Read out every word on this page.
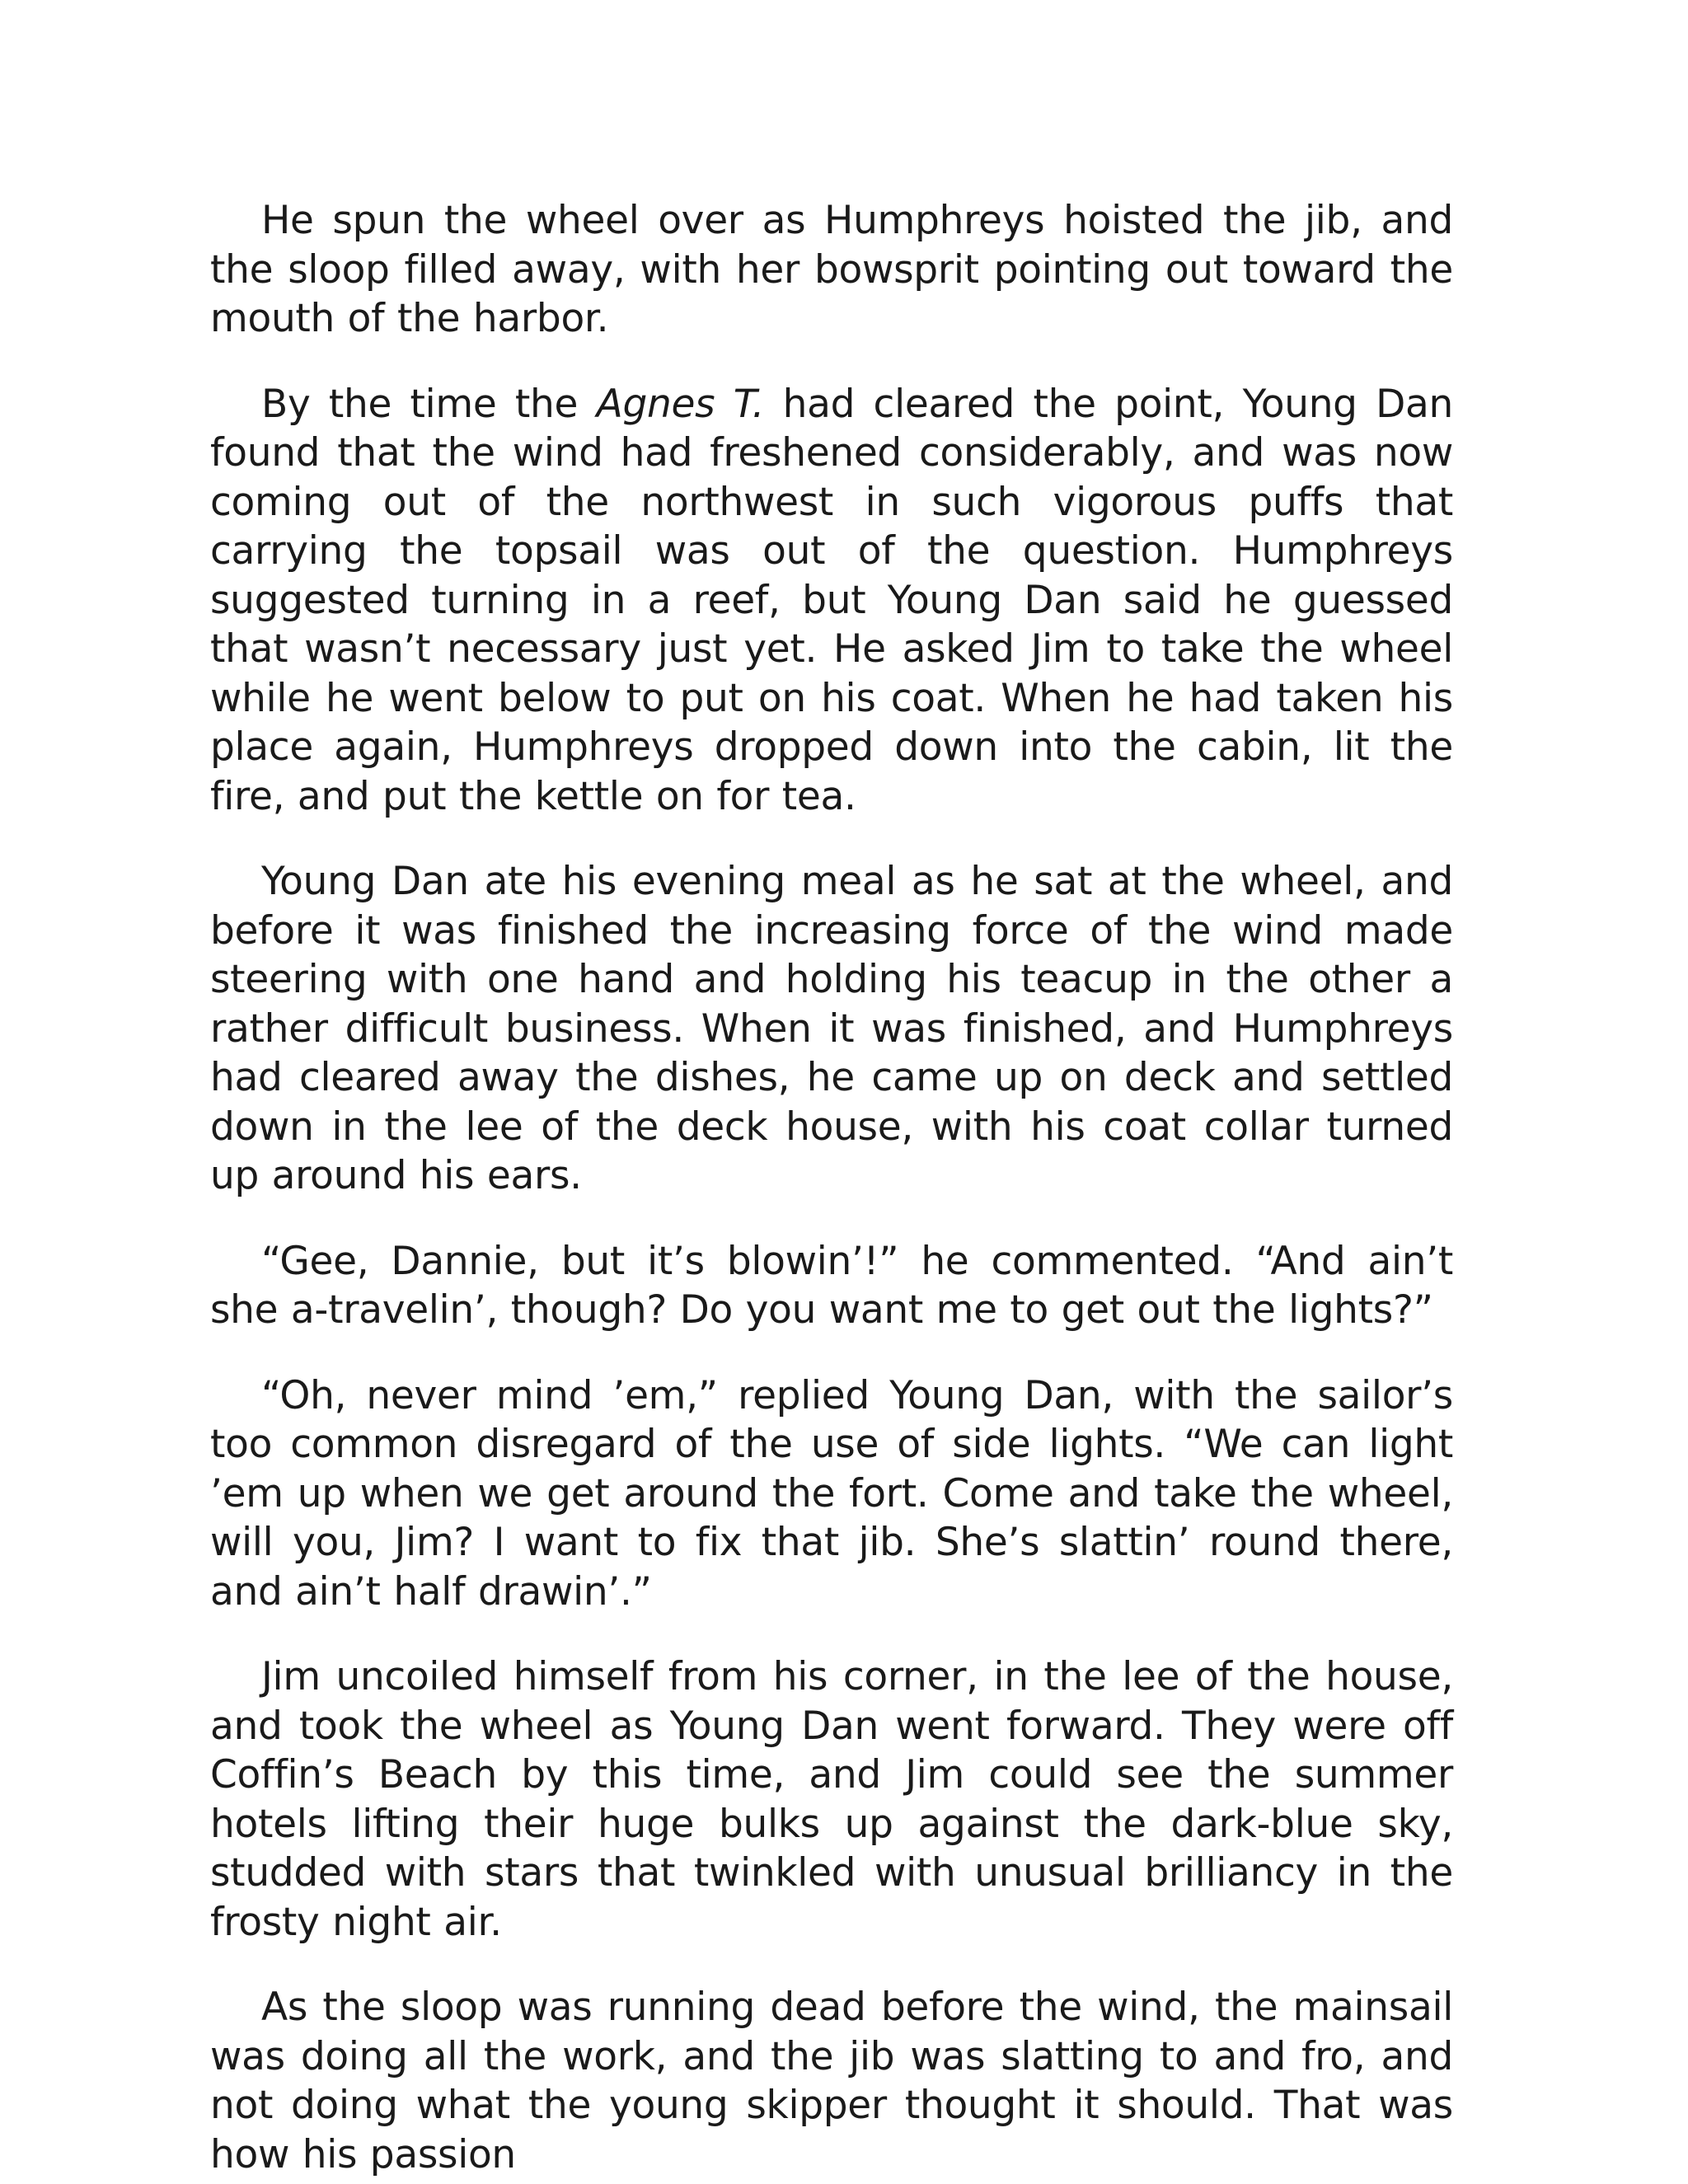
He spun the wheel over as Humphreys hoisted the jib, and the sloop filled away, with her bowsprit pointing out toward the mouth of the harbor.

By the time the Agnes T. had cleared the point, Young Dan found that the wind had freshened considerably, and was now coming out of the northwest in such vigorous puffs that carrying the topsail was out of the question. Humphreys suggested turning in a reef, but Young Dan said he guessed that wasn’t necessary just yet. He asked Jim to take the wheel while he went below to put on his coat. When he had taken his place again, Humphreys dropped down into the cabin, lit the fire, and put the kettle on for tea.

Young Dan ate his evening meal as he sat at the wheel, and before it was finished the increasing force of the wind made steering with one hand and holding his teacup in the other a rather difficult business. When it was finished, and Humphreys had cleared away the dishes, he came up on deck and settled down in the lee of the deck house, with his coat collar turned up around his ears.

“Gee, Dannie, but it’s blowin’!” he commented. “And ain’t she a-travelin’, though? Do you want me to get out the lights?”

“Oh, never mind ’em,” replied Young Dan, with the sailor’s too common disregard of the use of side lights. “We can light ’em up when we get around the fort. Come and take the wheel, will you, Jim? I want to fix that jib. She’s slattin’ round there, and ain’t half drawin’.”

Jim uncoiled himself from his corner, in the lee of the house, and took the wheel as Young Dan went forward. They were off Coffin’s Beach by this time, and Jim could see the summer hotels lifting their huge bulks up against the dark-blue sky, studded with stars that twinkled with unusual brilliancy in the frosty night air.

As the sloop was running dead before the wind, the mainsail was doing all the work, and the jib was slatting to and fro, and not doing what the young skipper thought it should. That was how his passion
